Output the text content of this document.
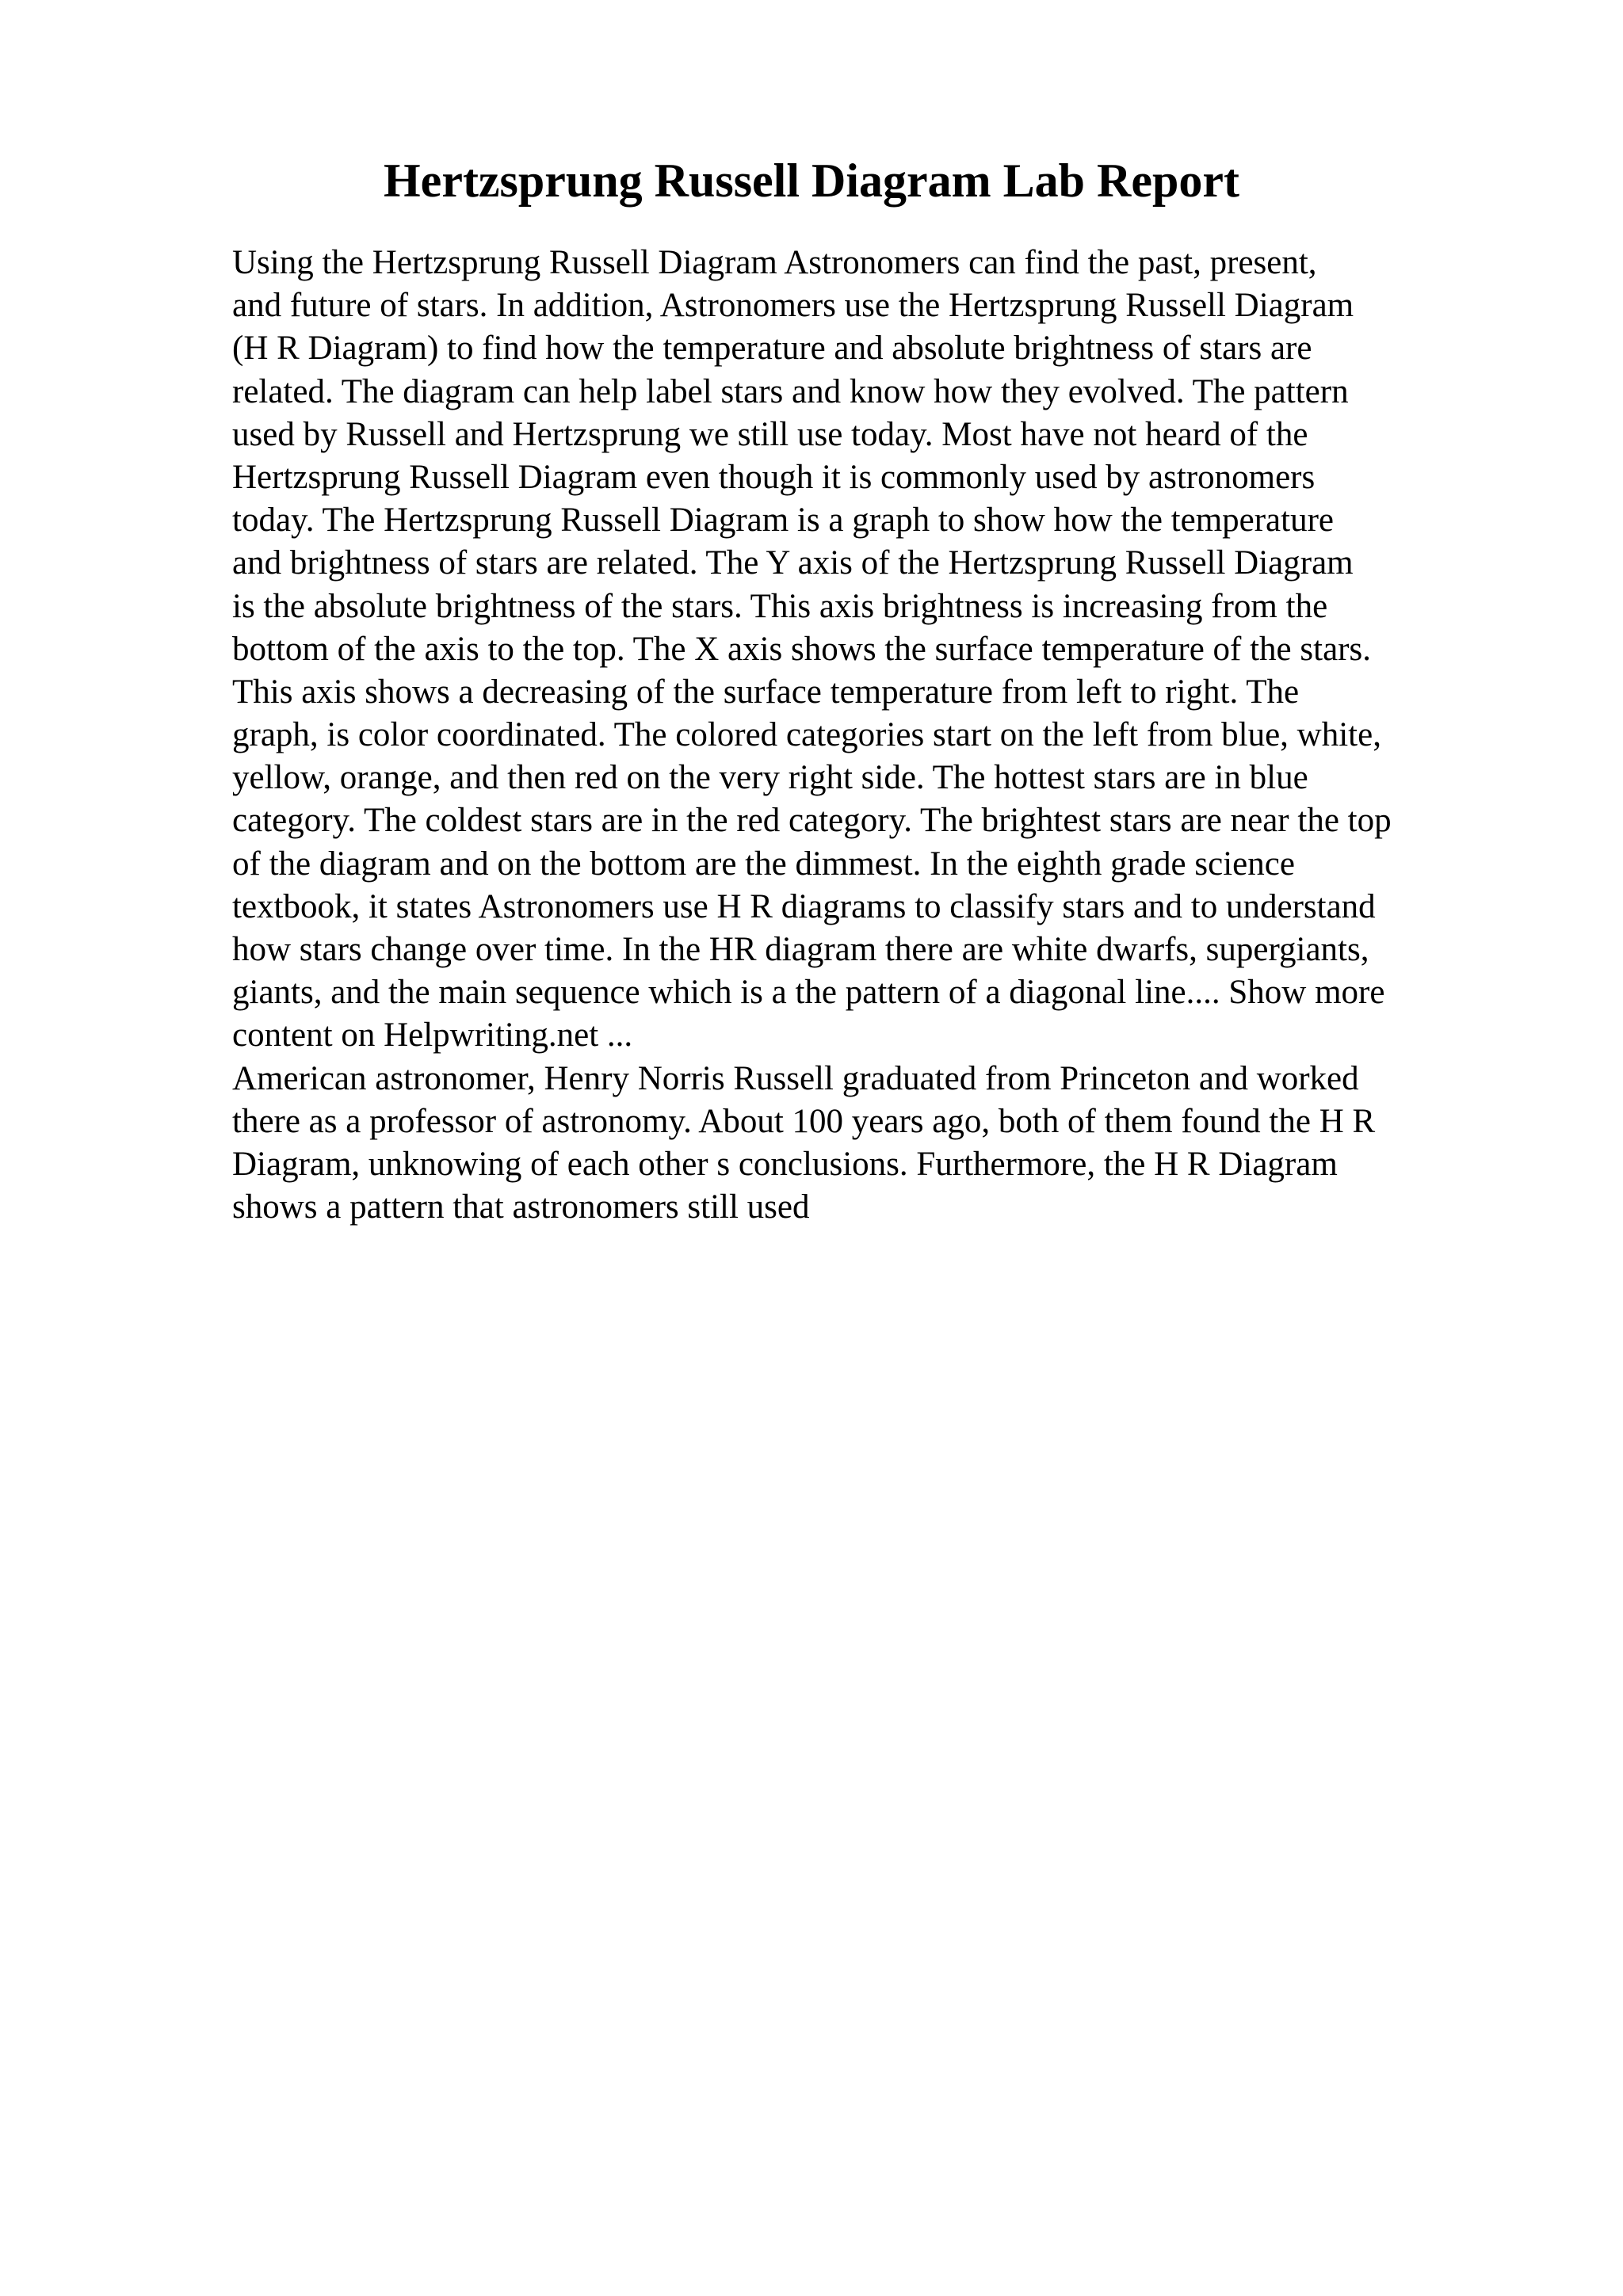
Hertzsprung Russell Diagram Lab Report
Using the Hertzsprung Russell Diagram Astronomers can find the past, present,
and future of stars. In addition, Astronomers use the Hertzsprung Russell Diagram
(H R Diagram) to find how the temperature and absolute brightness of stars are
related. The diagram can help label stars and know how they evolved. The pattern
used by Russell and Hertzsprung we still use today. Most have not heard of the
Hertzsprung Russell Diagram even though it is commonly used by astronomers
today. The Hertzsprung Russell Diagram is a graph to show how the temperature
and brightness of stars are related. The Y axis of the Hertzsprung Russell Diagram
is the absolute brightness of the stars. This axis brightness is increasing from the
bottom of the axis to the top. The X axis shows the surface temperature of the stars.
This axis shows a decreasing of the surface temperature from left to right. The
graph, is color coordinated. The colored categories start on the left from blue, white,
yellow, orange, and then red on the very right side. The hottest stars are in blue
category. The coldest stars are in the red category. The brightest stars are near the top
of the diagram and on the bottom are the dimmest. In the eighth grade science
textbook, it states Astronomers use H R diagrams to classify stars and to understand
how stars change over time. In the HR diagram there are white dwarfs, supergiants,
giants, and the main sequence which is a the pattern of a diagonal line.... Show more
content on Helpwriting.net ...
American astronomer, Henry Norris Russell graduated from Princeton and worked
there as a professor of astronomy. About 100 years ago, both of them found the H R
Diagram, unknowing of each other s conclusions. Furthermore, the H R Diagram
shows a pattern that astronomers still used
